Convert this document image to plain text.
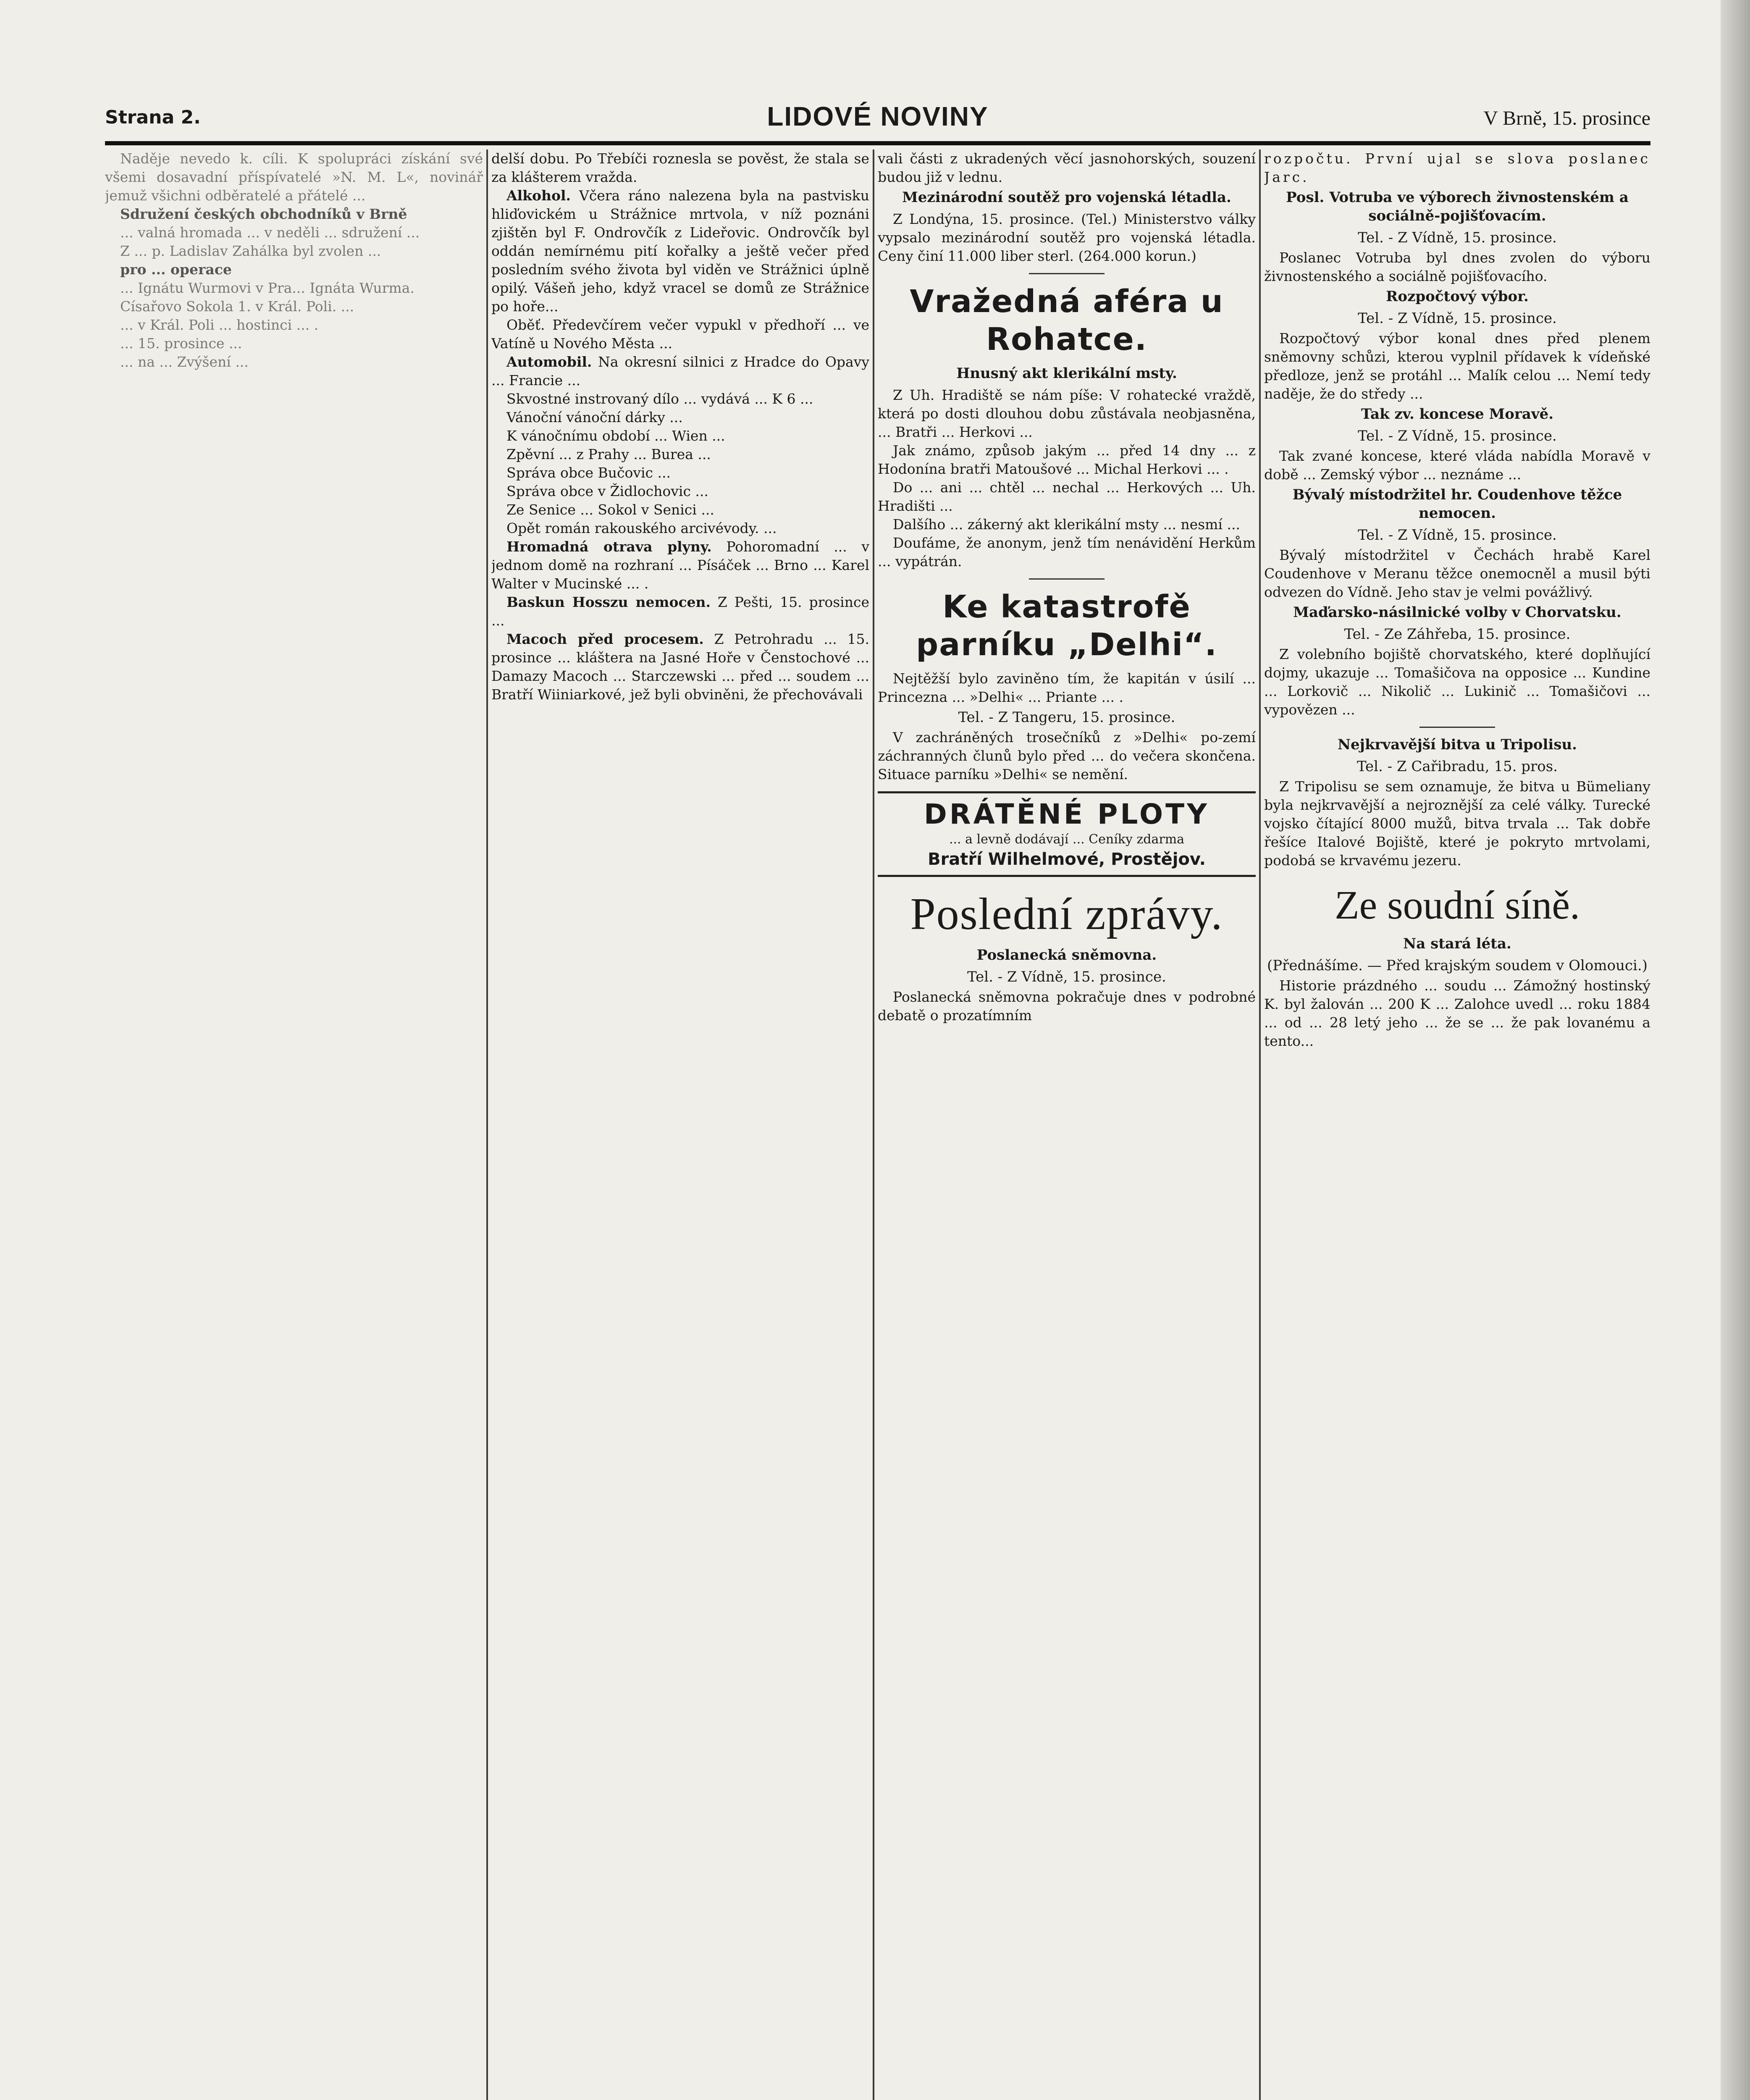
Strana 2.	LIDOVÉ NOVINY	V Brně, 15. prosince

Naděje nevedo k. cíli. K spolupráci získání své všemi dosavadní příspívatelé »N. M. L«, novinář jemuž všichni odběratelé a přátelé ...

Sdružení českých obchodníků v Brně

... valná hromada ... v neděli ... sdružení ...

Z ... p. Ladislav Zahálka byl zvolen ...

pro ... operace

... Ignátu Wurmovi v Pra... Ignáta Wurma.

Císařovo Sokola 1. v Král. Poli. ...

... v Král. Poli ... hostinci ... .

... 15. prosince ...

... na ... Zvýšení ...

delší dobu. Po Třebíči roznesla se pověst, že stala se za klášterem vražda.

Alkohol. Včera ráno nalezena byla na pastvisku hliďovickém u Strážnice mrtvola, v níž poznáni zjištěn byl F. Ondrovčík z Lideřovic. Ondrovčík byl oddán nemírnému pití kořalky a ještě večer před posledním svého života byl viděn ve Strážnici úplně opilý. Vášeň jeho, když vracel se domů ze Strážnice po hoře...

Oběť. Předevčírem večer vypukl v předhoří ... ve Vatíně u Nového Města ...

Automobil. Na okresní silnici z Hradce do Opavy ... Francie ...

Skvostné instrovaný dílo ... vydává ... K 6 ...

Vánoční vánoční dárky ...

K vánočnímu období ... Wien ...

Zpěvní ... z Prahy ... Burea ...

Správa obce Bučovic ...

Správa obce v Židlochovic ...

Ze Senice ... Sokol v Senici ...

Opět román rakouského arcivévody. ...

Hromadná otrava plyny. Pohoromadní ... v jednom domě na rozhraní ... Písáček ... Brno ... Karel Walter v Mucinské ... .

Baskun Hosszu nemocen. Z Pešti, 15. prosince ...

Macoch před procesem. Z Petrohradu ... 15. prosince ... kláštera na Jasné Hoře v Čenstochové ... Damazy Macoch ... Starczewski ... před ... soudem ... Bratří Wiiniarkové, jež byli obviněni, že přechovávali

vali části z ukradených věcí jasnohorských, souzení budou již v lednu.

Mezinárodní soutěž pro vojenská létadla.

Z Londýna, 15. prosince. (Tel.) Ministerstvo války vypsalo mezinárodní soutěž pro vojenská létadla. Ceny činí 11.000 liber sterl. (264.000 korun.)

Vražedná aféra u Rohatce.
Hnusný akt klerikální msty.

Z Uh. Hradiště se nám píše: V rohatecké vraždě, která po dosti dlouhou dobu zůstávala neobjasněna, ... Bratři ... Herkovi ...

Jak známo, způsob jakým ... před 14 dny ... z Hodonína bratři Matoušové ... Michal Herkovi ... .

Do ... ani ... chtěl ... nechal ... Herkových ... Uh. Hradišti ...

Dalšího ... zákerný akt klerikální msty ... nesmí ...

Doufáme, že anonym, jenž tím nenávidění Herkům ... vypátrán.

Ke katastrofě parníku „Delhi“.

Nejtěžší bylo zaviněno tím, že kapitán v úsilí ... Princezna ... »Delhi« ... Priante ... .

Tel. - Z Tangeru, 15. prosince.

V zachráněných trosečníků z »Delhi« po-zemí záchranných člunů bylo před ... do večera skončena. Situace parníku »Delhi« se nemění.

DRÁTĚNÉ PLOTY
... a levně dodávají ... Ceníky zdarma
Bratří Wilhelmové, Prostějov.
Poslední zprávy.
Poslanecká sněmovna.
Tel. - Z Vídně, 15. prosince.

Poslanecká sněmovna pokračuje dnes v podrobné debatě o prozatímním

rozpočtu. První ujal se slova poslanec Jarc.

Posl. Votruba ve výborech živnostenském a sociálně-pojišťovacím.
Tel. - Z Vídně, 15. prosince.

Poslanec Votruba byl dnes zvolen do výboru živnostenského a sociálně pojišťovacího.

Rozpočtový výbor.
Tel. - Z Vídně, 15. prosince.

Rozpočtový výbor konal dnes před plenem sněmovny schůzi, kterou vyplnil přídavek k vídeňské předloze, jenž se protáhl ... Malík celou ... Nemí tedy naděje, že do středy ...

Tak zv. koncese Moravě.
Tel. - Z Vídně, 15. prosince.

Tak zvané koncese, které vláda nabídla Moravě v době ... Zemský výbor ... neznáme ...

Bývalý místodržitel hr. Coudenhove těžce nemocen.
Tel. - Z Vídně, 15. prosince.

Bývalý místodržitel v Čechách hrabě Karel Coudenhove v Meranu těžce onemocněl a musil býti odvezen do Vídně. Jeho stav je velmi povážlivý.

Maďarsko-násilnické volby v Chorvatsku.
Tel. - Ze Záhřeba, 15. prosince.

Z volebního bojiště chorvatského, které doplňující dojmy, ukazuje ... Tomašičova na opposice ... Kundine ... Lorkovič ... Nikolič ... Lukinič ... Tomašičovi ... vypovězen ...

Nejkrvavější bitva u Tripolisu.
Tel. - Z Cařibradu, 15. pros.

Z Tripolisu se sem oznamuje, že bitva u Bümeliany byla nejkrvavější a nejroznější za celé války. Turecké vojsko čítající 8000 mužů, bitva trvala ... Tak dobře řešíce Italové Bojiště, které je pokryto mrtvolami, podobá se krvavému jezeru.

Ze soudní síně.
Na stará léta.
(Přednášíme. — Před krajským soudem v Olomouci.)

Historie prázdného ... soudu ... Zámožný hostinský K. byl žalován ... 200 K ... Zalohce uvedl ... roku 1884 ... od ... 28 letý jeho ... že se ... že pak lovanému a tento...
